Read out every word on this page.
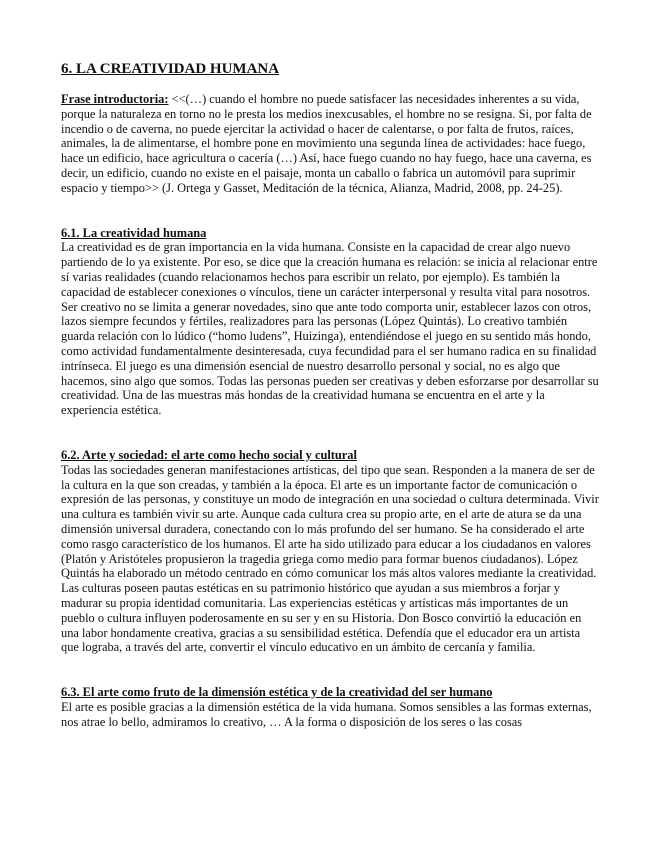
6. LA CREATIVIDAD HUMANA

Frase introductoria: <<(…) cuando el hombre no puede satisfacer las necesidades inherentes a su vida, porque la naturaleza en torno no le presta los medios inexcusables, el hombre no se resigna. Si, por falta de incendio o de caverna, no puede ejercitar la actividad o hacer de calentarse, o por falta de frutos, raíces, animales, la de alimentarse, el hombre pone en movimiento una segunda línea de actividades: hace fuego, hace un edificio, hace agricultura o cacería (…) Así, hace fuego cuando no hay fuego, hace una caverna, es decir, un edificio, cuando no existe en el paisaje, monta un caballo o fabrica un automóvil para suprimir espacio y tiempo>> (J. Ortega y Gasset, Meditación de la técnica, Alianza, Madrid, 2008, pp. 24-25).

6.1. La creatividad humana

La creatividad es de gran importancia en la vida humana. Consiste en la capacidad de crear algo nuevo partiendo de lo ya existente. Por eso, se dice que la creación humana es relación: se inicia al relacionar entre sí varias realidades (cuando relacionamos hechos para escribir un relato, por ejemplo). Es también la capacidad de establecer conexiones o vínculos, tiene un carácter interpersonal y resulta vital para nosotros. Ser creativo no se limita a generar novedades, sino que ante todo comporta unir, establecer lazos con otros, lazos siempre fecundos y fértiles, realizadores para las personas (López Quintás). Lo creativo también guarda relación con lo lúdico (“homo ludens”, Huizinga), entendiéndose el juego en su sentido más hondo, como actividad fundamentalmente desinteresada, cuya fecundidad para el ser humano radica en su finalidad intrínseca. El juego es una dimensión esencial de nuestro desarrollo personal y social, no es algo que hacemos, sino algo que somos. Todas las personas pueden ser creativas y deben esforzarse por desarrollar su creatividad. Una de las muestras más hondas de la creatividad humana se encuentra en el arte y la experiencia estética.

6.2. Arte y sociedad: el arte como hecho social y cultural

Todas las sociedades generan manifestaciones artísticas, del tipo que sean. Responden a la manera de ser de la cultura en la que son creadas, y también a la época. El arte es un importante factor de comunicación o expresión de las personas, y constituye un modo de integración en una sociedad o cultura determinada. Vivir una cultura es también vivir su arte. Aunque cada cultura crea su propio arte, en el arte de atura se da una dimensión universal duradera, conectando con lo más profundo del ser humano. Se ha considerado el arte como rasgo característico de los humanos. El arte ha sido utilizado para educar a los ciudadanos en valores (Platón y Aristóteles propusieron la tragedia griega como medio para formar buenos ciudadanos). López Quintás ha elaborado un método centrado en cómo comunicar los más altos valores mediante la creatividad. Las culturas poseen pautas estéticas en su patrimonio histórico que ayudan a sus miembros a forjar y madurar su propia identidad comunitaria. Las experiencias estéticas y artísticas más importantes de un pueblo o cultura influyen poderosamente en su ser y en su Historia. Don Bosco convirtió la educación en una labor hondamente creativa, gracias a su sensibilidad estética. Defendía que el educador era un artista que lograba, a través del arte, convertir el vínculo educativo en un ámbito de cercanía y familia.

6.3. El arte como fruto de la dimensión estética y de la creatividad del ser humano

El arte es posible gracias a la dimensión estética de la vida humana. Somos sensibles a las formas externas, nos atrae lo bello, admiramos lo creativo, … A la forma o disposición de los seres o las cosas
